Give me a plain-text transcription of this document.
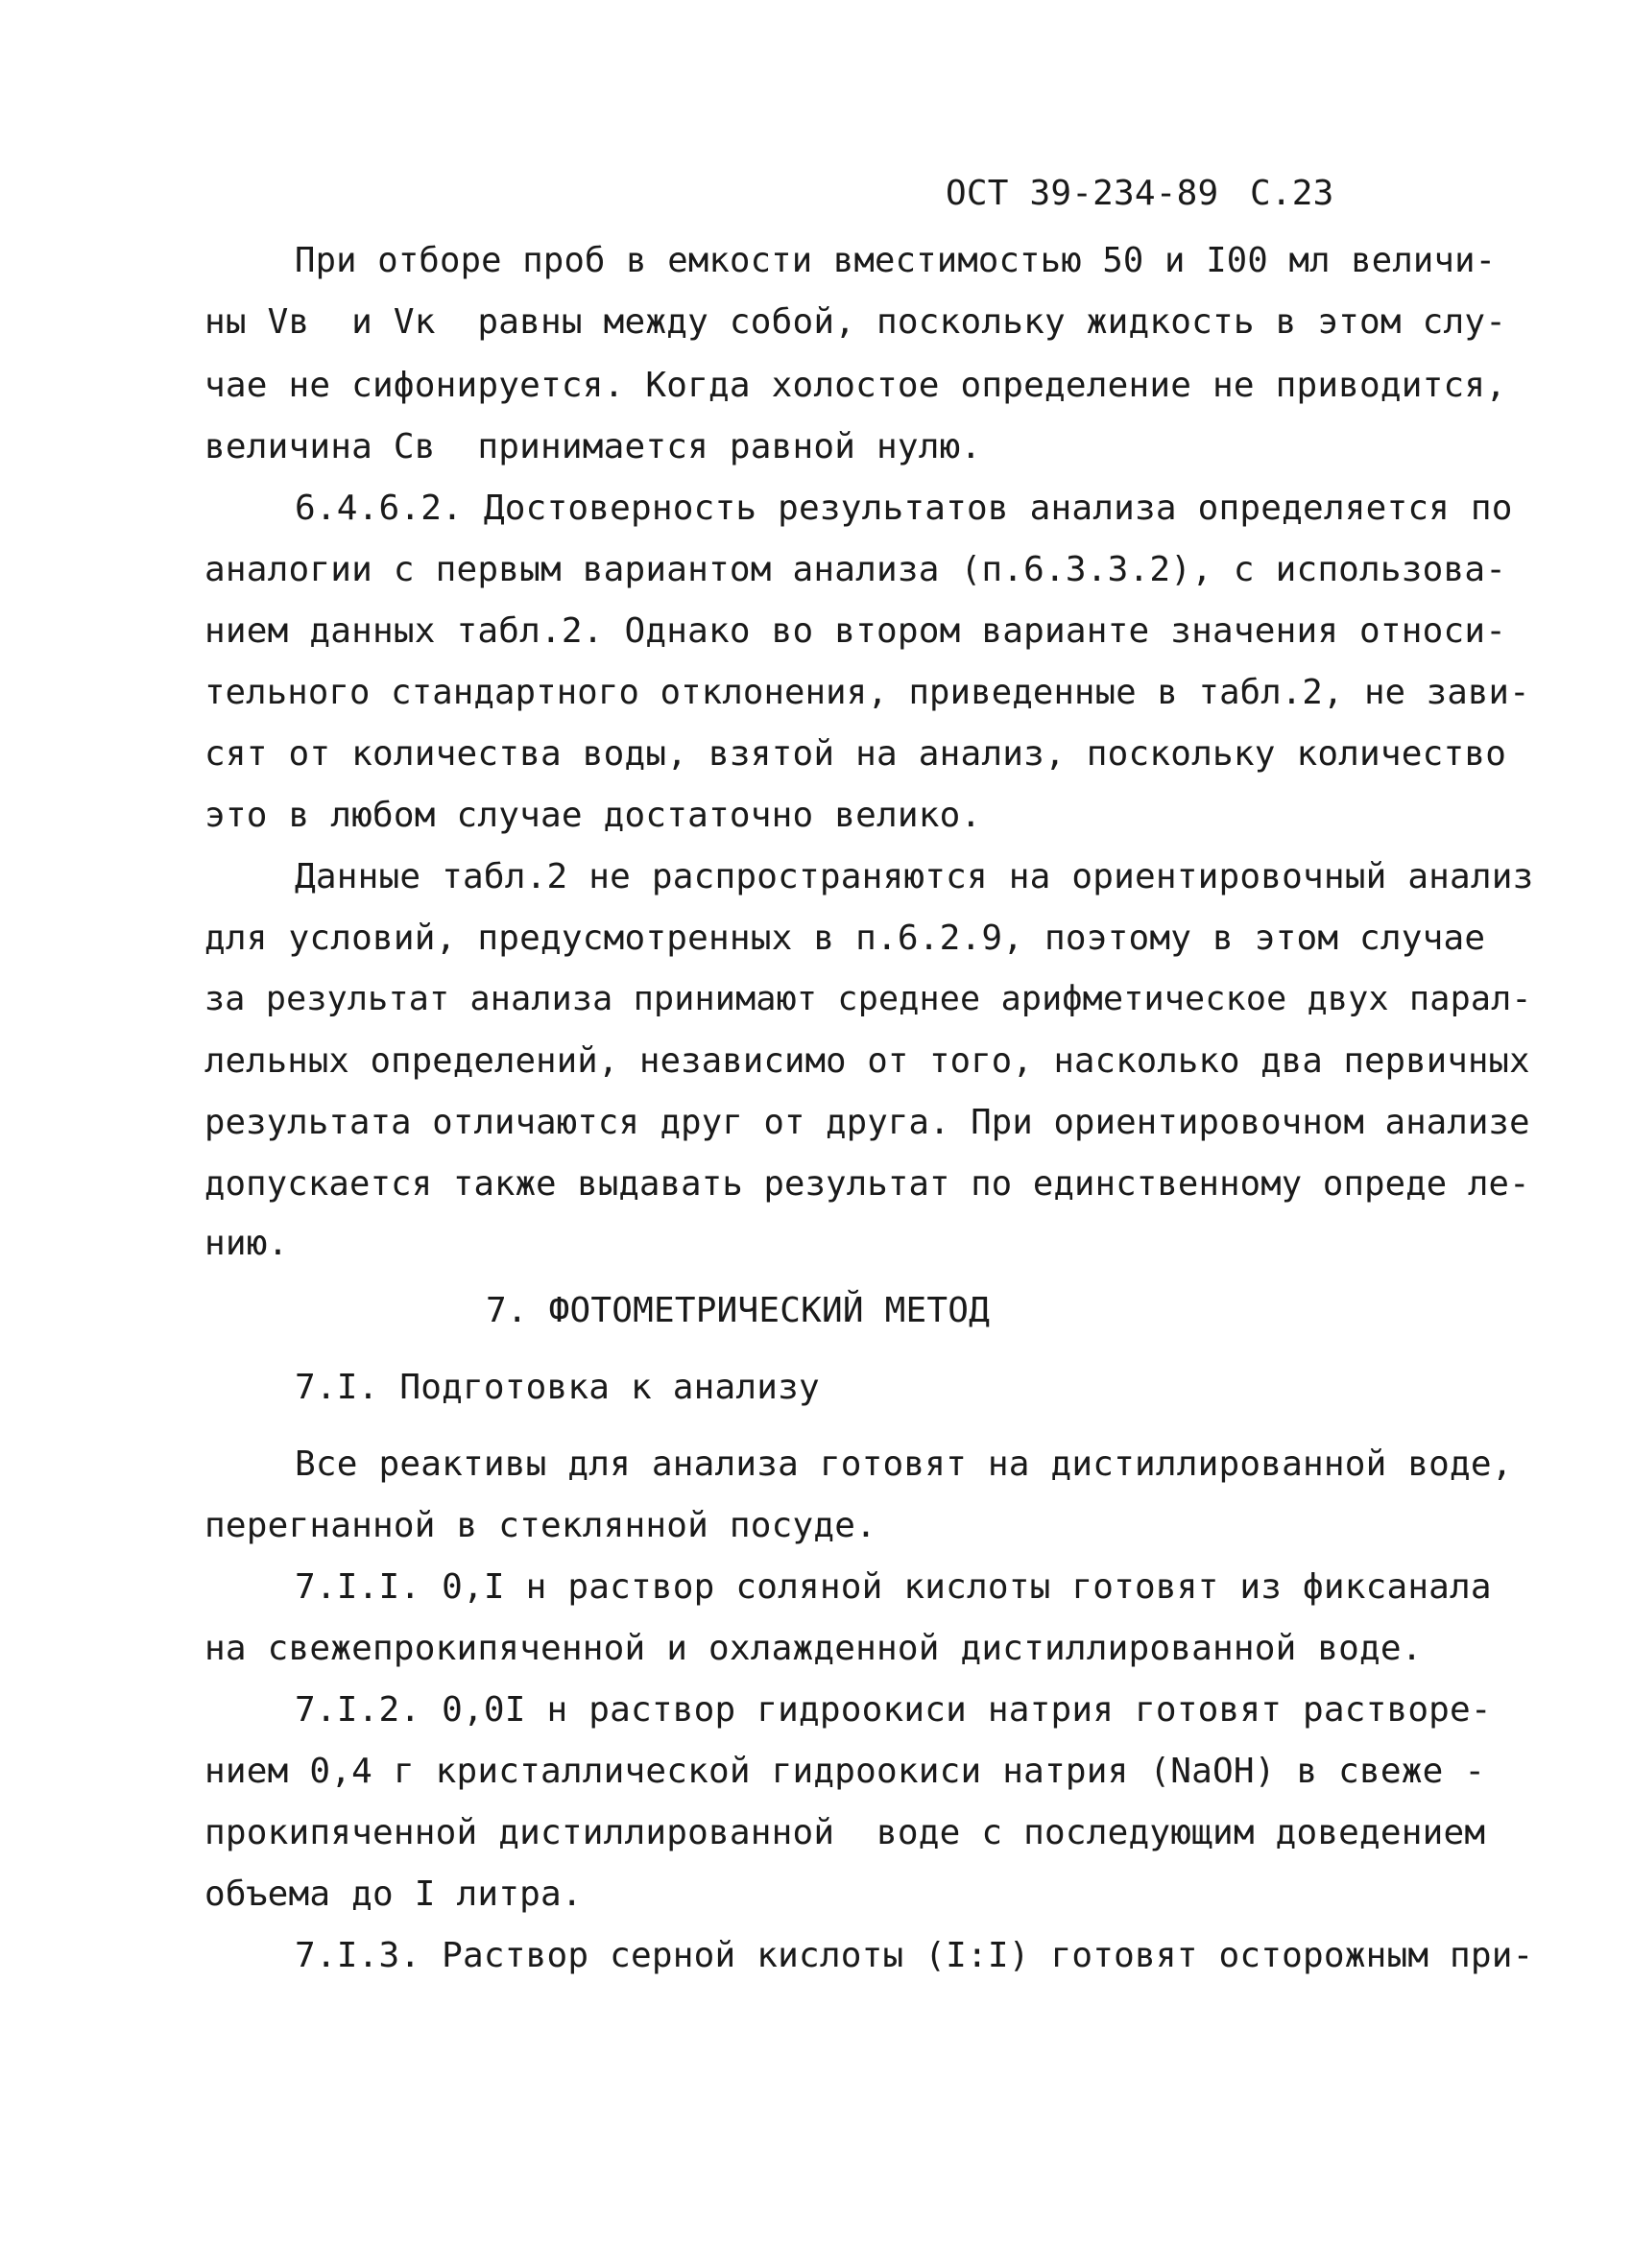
ОСТ 39-234-89 С.23
При отборе проб в емкости вместимостью 50 и I00 мл величи-
ны Vв  и Vк  равны между собой, поскольку жидкость в этом слу-
чае не сифонируется. Когда холостое определение не приводится,
величина Св  принимается равной нулю.
6.4.6.2. Достоверность результатов анализа определяется по
аналогии с первым вариантом анализа (п.6.3.3.2), с использова-
нием данных табл.2. Однако во втором варианте значения относи-
тельного стандартного отклонения, приведенные в табл.2, не зави-
сят от количества воды, взятой на анализ, поскольку количество
это в любом случае достаточно велико.
Данные табл.2 не распространяются на ориентировочный анализ
для условий, предусмотренных в п.6.2.9, поэтому в этом случае
за результат анализа принимают среднее арифметическое двух парал-
лельных определений, независимо от того, насколько два первичных
результата отличаются друг от друга. При ориентировочном анализе
допускается также выдавать результат по единственному опреде ле-
нию.
7. ФОТОМЕТРИЧЕСКИЙ МЕТОД
7.I. Подготовка к анализу
Все реактивы для анализа готовят на дистиллированной воде,
перегнанной в стеклянной посуде.
7.I.I. 0,I н раствор соляной кислоты готовят из фиксанала
на свежепрокипяченной и охлажденной дистиллированной воде.
7.I.2. 0,0I н раствор гидроокиси натрия готовят растворе-
нием 0,4 г кристаллической гидроокиси натрия (NaOH) в свеже -
прокипяченной дистиллированной  воде с последующим доведением
объема до I литра.
7.I.3. Раствор серной кислоты (I:I) готовят осторожным при-
